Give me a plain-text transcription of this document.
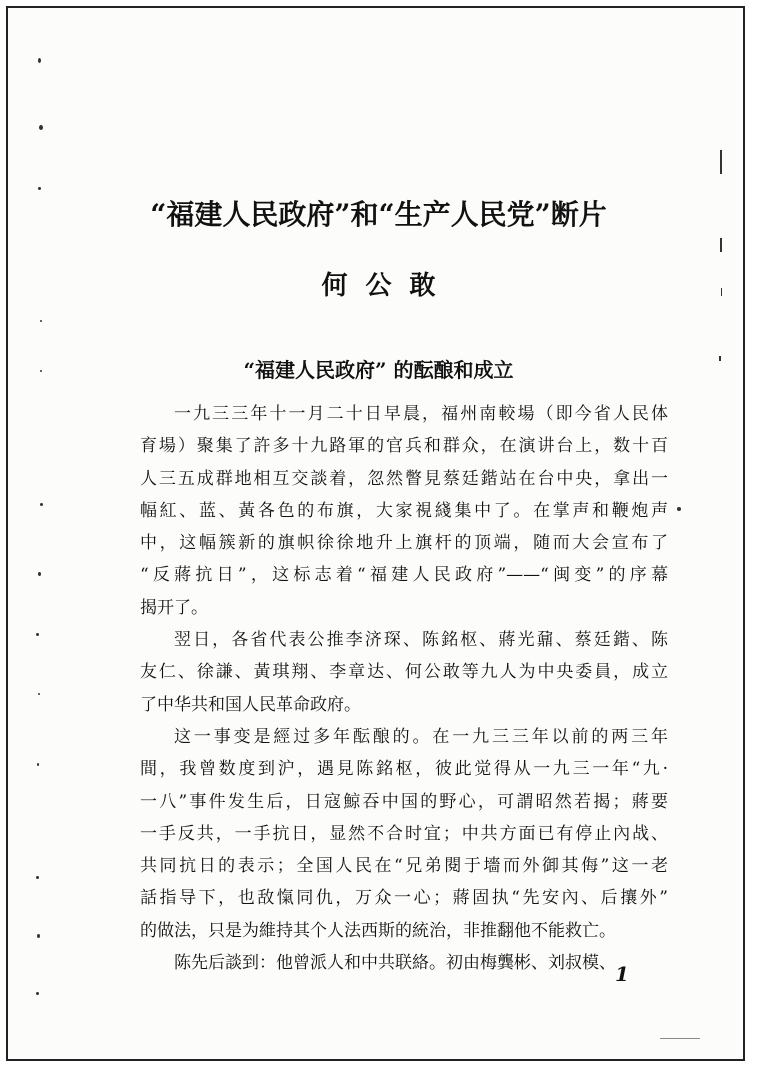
“福建人民政府”和“生产人民党”断片
何公敢
“福建人民政府” 的酝酿和成立
一九三三年十一月二十日早晨，福州南較場（即今省人民体
育場）聚集了許多十九路軍的官兵和群众，在演讲台上，数十百
人三五成群地相互交談着，忽然瞥見蔡廷鍇站在台中央，拿出一
幅紅、蓝、黃各色的布旗，大家視綫集中了。在掌声和鞭炮声
中，这幅簇新的旗帜徐徐地升上旗杆的顶端，随而大会宣布了
“反蔣抗日”，这标志着“福建人民政府”——“闽变”的序幕
揭开了。
翌日，各省代表公推李济琛、陈銘枢、蔣光鼐、蔡廷鍇、陈
友仁、徐謙、黃琪翔、李章达、何公敢等九人为中央委員，成立
了中华共和国人民革命政府。
这一事变是經过多年酝酿的。在一九三三年以前的两三年
間，我曾数度到沪，遇見陈銘枢，彼此觉得从一九三一年“九·
一八”事件发生后，日寇鯨吞中国的野心，可謂昭然若揭；蔣要
一手反共，一手抗日，显然不合时宜；中共方面已有停止內战、
共同抗日的表示；全国人民在“兄弟閱于墻而外御其侮”这一老
話指导下，也敌愾同仇，万众一心；蔣固执“先安內、后攘外”
的做法，只是为維持其个人法西斯的統治，非推翻他不能救亡。
陈先后談到：他曾派人和中共联絡。初由梅龔彬、刘叔模、 1
